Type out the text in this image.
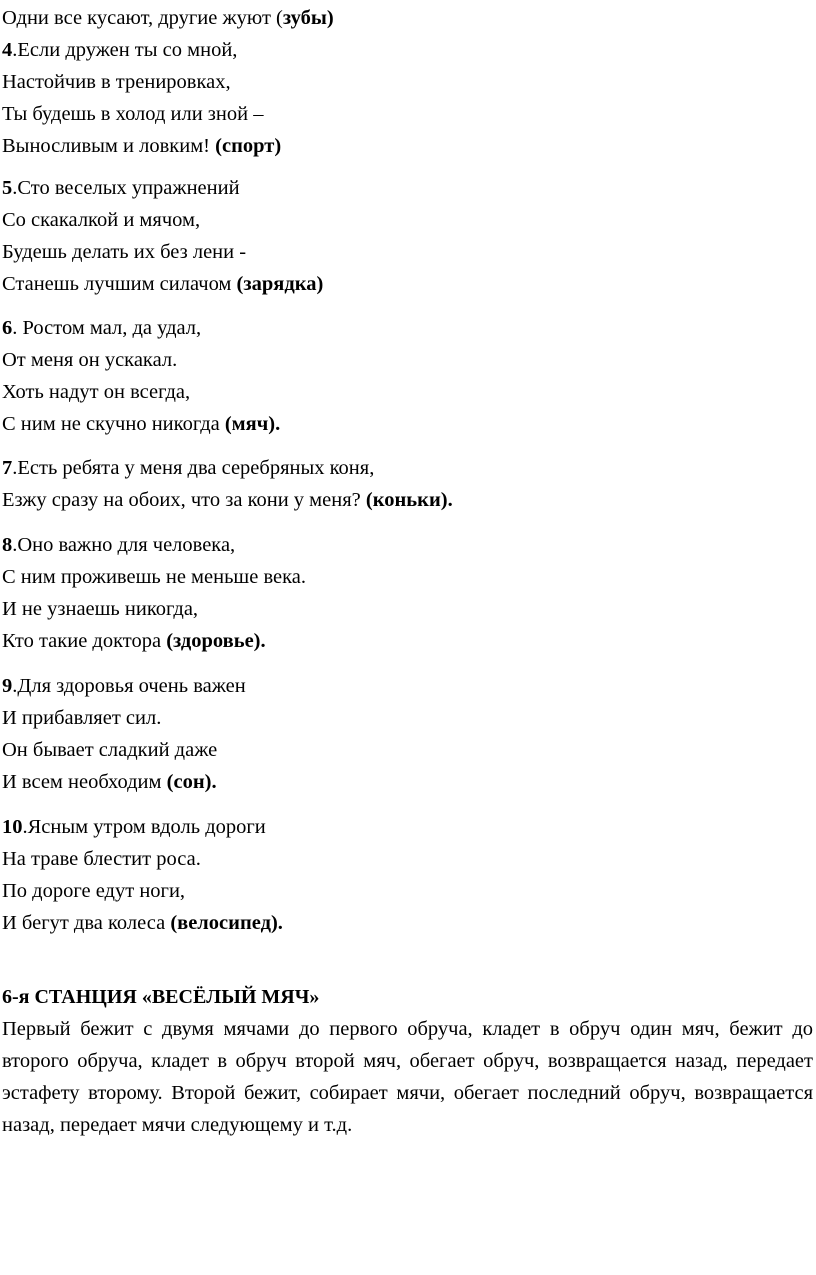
Одни все кусают, другие жуют (зубы)
4.Если дружен ты со мной,
Настойчив в тренировках,
Ты будешь в холод или зной –
Выносливым и ловким! (спорт)
5.Сто веселых упражнений
Со скакалкой и мячом,
Будешь делать их без лени -
Станешь лучшим силачом (зарядка)
6. Ростом мал, да удал,
От меня он ускакал.
Хоть надут он всегда,
С ним не скучно никогда (мяч).
7.Есть ребята у меня два серебряных коня,
Езжу сразу на обоих, что за кони у меня? (коньки).
8.Оно важно для человека,
С ним проживешь не меньше века.
И не узнаешь никогда,
Кто такие доктора (здоровье).
9.Для здоровья очень важен
И прибавляет сил.
Он бывает сладкий даже
И всем необходим (сон).
10.Ясным утром вдоль дороги
На траве блестит роса.
По дороге едут ноги,
И бегут два колеса (велосипед).
6-я СТАНЦИЯ «ВЕСЁЛЫЙ МЯЧ»
Первый бежит с двумя мячами до первого обруча, кладет в обруч один мяч, бежит до второго обруча, кладет в обруч второй мяч, обегает обруч, возвращается назад, передает эстафету второму. Второй бежит, собирает мячи, обегает последний обруч, возвращается назад, передает мячи следующему и т.д.
